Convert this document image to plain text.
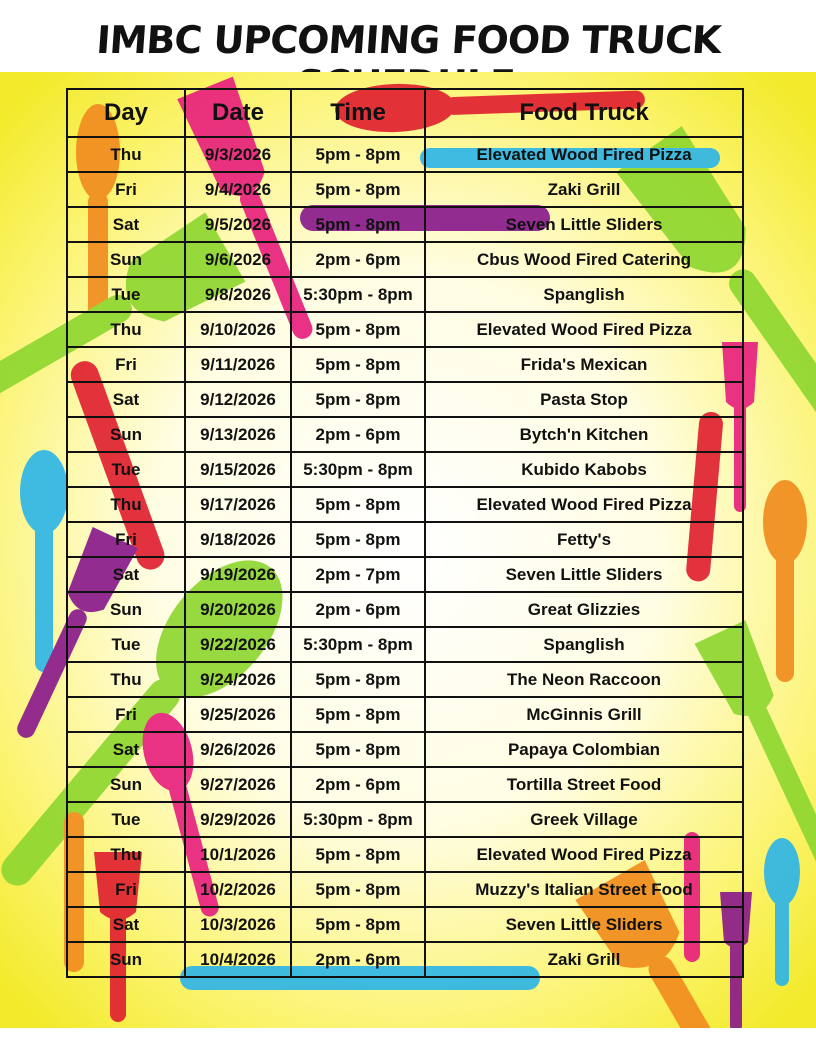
IMBC UPCOMING FOOD TRUCK
Day	Date	Time	Food Truck
Thu	9/3/2026	5pm - 8pm	Elevated Wood Fired Pizza
Fri	9/4/2026	5pm - 8pm	Zaki Grill
Sat	9/5/2026	5pm - 8pm	Seven Little Sliders
Sun	9/6/2026	2pm - 6pm	Cbus Wood Fired Catering
Tue	9/8/2026	5:30pm - 8pm	Spanglish
Thu	9/10/2026	5pm - 8pm	Elevated Wood Fired Pizza
Fri	9/11/2026	5pm - 8pm	Frida's Mexican
Sat	9/12/2026	5pm - 8pm	Pasta Stop
Sun	9/13/2026	2pm - 6pm	Bytch'n Kitchen
Tue	9/15/2026	5:30pm - 8pm	Kubido Kabobs
Thu	9/17/2026	5pm - 8pm	Elevated Wood Fired Pizza
Fri	9/18/2026	5pm - 8pm	Fetty's
Sat	9/19/2026	2pm - 7pm	Seven Little Sliders
Sun	9/20/2026	2pm - 6pm	Great Glizzies
Tue	9/22/2026	5:30pm - 8pm	Spanglish
Thu	9/24/2026	5pm - 8pm	The Neon Raccoon
Fri	9/25/2026	5pm - 8pm	McGinnis Grill
Sat	9/26/2026	5pm - 8pm	Papaya Colombian
Sun	9/27/2026	2pm - 6pm	Tortilla Street Food
Tue	9/29/2026	5:30pm - 8pm	Greek Village
Thu	10/1/2026	5pm - 8pm	Elevated Wood Fired Pizza
Fri	10/2/2026	5pm - 8pm	Muzzy's Italian Street Food
Sat	10/3/2026	5pm - 8pm	Seven Little Sliders
Sun	10/4/2026	2pm - 6pm	Zaki Grill
